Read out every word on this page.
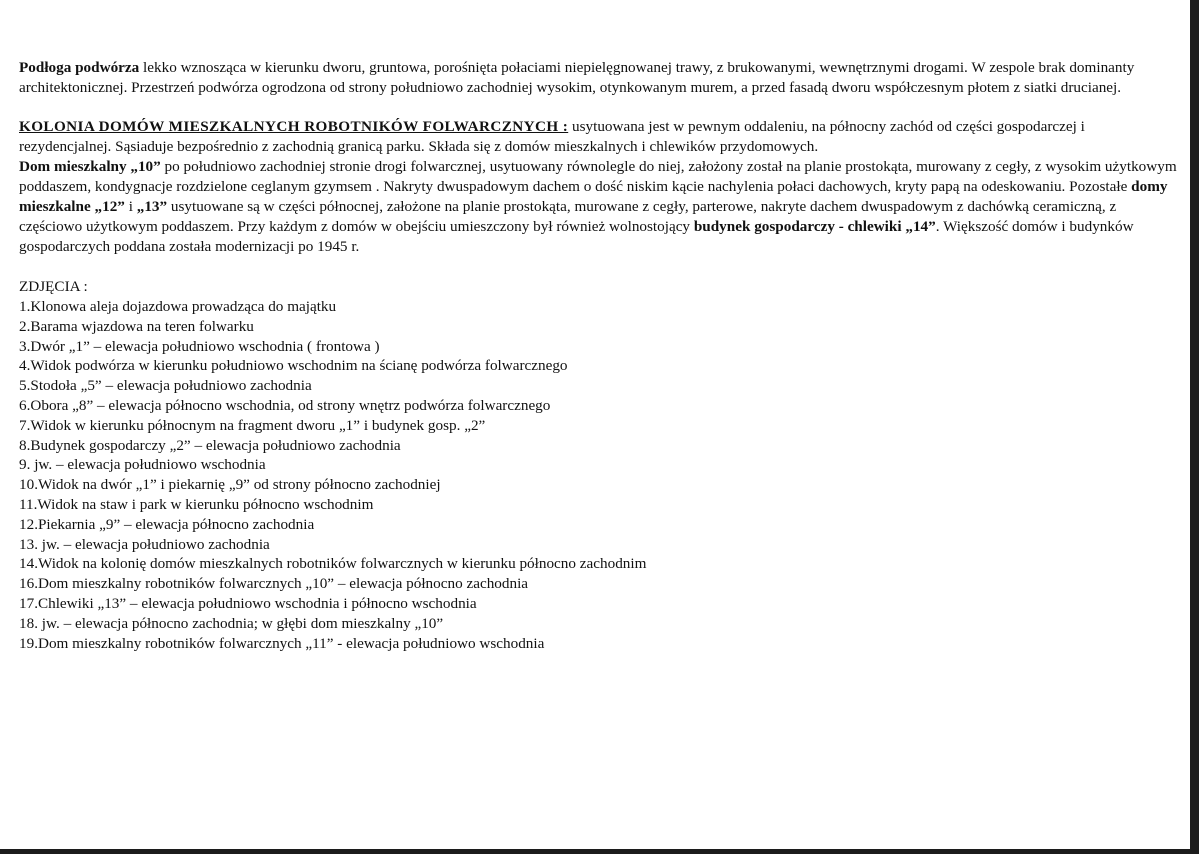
Podłoga podwórza lekko wznosząca w kierunku dworu, gruntowa, porośnięta połaciami niepielęgnowanej trawy, z brukowanymi, wewnętrznymi drogami. W zespole brak dominanty architektonicznej. Przestrzeń podwórza ogrodzona od strony południowo zachodniej wysokim, otynkowanym murem, a przed fasadą dworu współczesnym płotem z siatki drucianej.

KOLONIA DOMÓW MIESZKALNYCH ROBOTNIKÓW FOLWARCZNYCH : usytuowana jest w pewnym oddaleniu, na północny zachód od części gospodarczej i rezydencjalnej. Sąsiaduje bezpośrednio z zachodnią granicą parku. Składa się z domów mieszkalnych i chlewików przydomowych.
Dom mieszkalny „10” po południowo zachodniej stronie drogi folwarcznej, usytuowany równolegle do niej, założony został na planie prostokąta, murowany z cegły, z wysokim użytkowym poddaszem, kondygnacje rozdzielone ceglanym gzymsem . Nakryty dwuspadowym dachem o dość niskim kącie nachylenia połaci dachowych, kryty papą na odeskowaniu. Pozostałe domy mieszkalne „12” i „13” usytuowane są w części północnej, założone na planie prostokąta, murowane z cegły, parterowe, nakryte dachem dwuspadowym z dachówką ceramiczną, z częściowo użytkowym poddaszem. Przy każdym z domów w obejściu umieszczony był również wolnostojący budynek gospodarczy - chlewiki „14”. Większość domów i budynków gospodarczych poddana została modernizacji po 1945 r.

ZDJĘCIA :

1.Klonowa aleja dojazdowa prowadząca do majątku
2.Barama wjazdowa na teren folwarku
3.Dwór „1” – elewacja południowo wschodnia ( frontowa )
4.Widok podwórza w kierunku południowo wschodnim na ścianę podwórza folwarcznego
5.Stodoła „5” – elewacja południowo zachodnia
6.Obora „8” – elewacja północno wschodnia, od strony wnętrz podwórza folwarcznego
7.Widok w kierunku północnym na fragment dworu „1” i budynek gosp. „2”
8.Budynek gospodarczy „2” – elewacja południowo zachodnia
9. jw. – elewacja południowo wschodnia
10.Widok na dwór „1” i piekarnię „9” od strony północno zachodniej
11.Widok na staw i park w kierunku północno wschodnim
12.Piekarnia „9” – elewacja północno zachodnia
13. jw. – elewacja południowo zachodnia
14.Widok na kolonię domów mieszkalnych robotników folwarcznych w kierunku północno zachodnim
16.Dom mieszkalny robotników folwarcznych „10” – elewacja północno zachodnia
17.Chlewiki „13” – elewacja południowo wschodnia i północno wschodnia
18. jw. – elewacja północno zachodnia; w głębi dom mieszkalny „10”
19.Dom mieszkalny robotników folwarcznych „11” - elewacja południowo wschodnia
